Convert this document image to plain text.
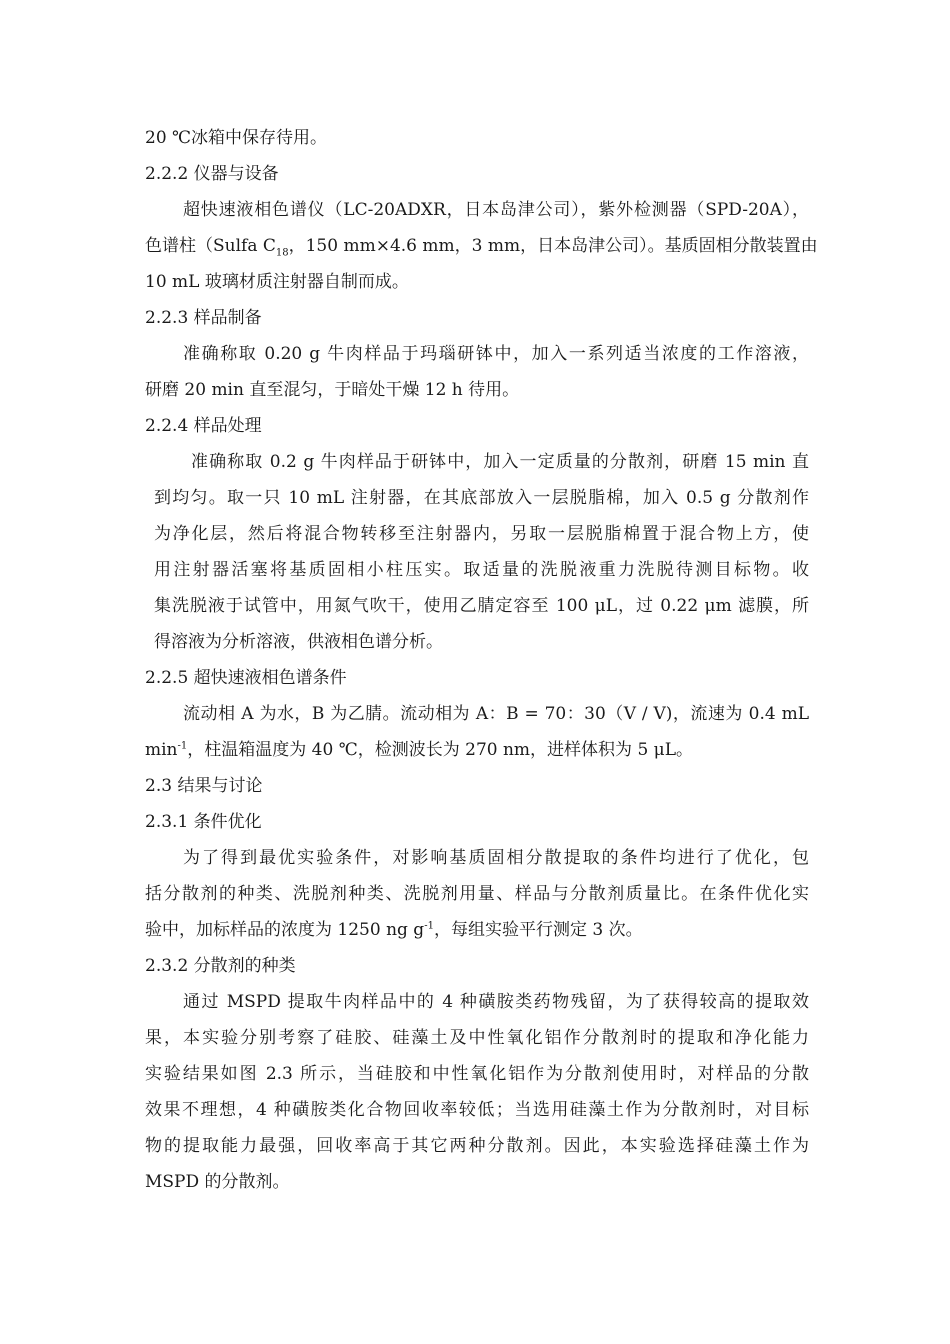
20 ℃冰箱中保存待用。
2.2.2 仪器与设备
超快速液相色谱仪（LC-20ADXR，日本岛津公司），紫外检测器（SPD-20A），
色谱柱（Sulfa $C_{18}$，150 mm×4.6 mm，3 mm，日本岛津公司）。基质固相分散装置由
10 mL 玻璃材质注射器自制而成。
2.2.3 样品制备
准确称取 0.20 g 牛肉样品于玛瑙研钵中，加入一系列适当浓度的工作溶液，
研磨 20 min 直至混匀，于暗处干燥 12 h 待用。
2.2.4 样品处理
准确称取 0.2 g 牛肉样品于研钵中，加入一定质量的分散剂，研磨 15 min 直
到均匀。取一只 10 mL 注射器，在其底部放入一层脱脂棉，加入 0.5 g 分散剂作
为净化层，然后将混合物转移至注射器内，另取一层脱脂棉置于混合物上方，使
用注射器活塞将基质固相小柱压实。取适量的洗脱液重力洗脱待测目标物。收
集洗脱液于试管中，用氮气吹干，使用乙腈定容至 100 μL，过 0.22 μm 滤膜，所
得溶液为分析溶液，供液相色谱分析。
2.2.5 超快速液相色谱条件
流动相 A 为水，B 为乙腈。流动相为 A：B = 70：30（V / V)，流速为 0.4 mL
$\min^{-1}$，柱温箱温度为 40 ℃，检测波长为 270 nm，进样体积为 5 μL。
2.3 结果与讨论
2.3.1 条件优化
为了得到最优实验条件，对影响基质固相分散提取的条件均进行了优化，包
括分散剂的种类、洗脱剂种类、洗脱剂用量、样品与分散剂质量比。在条件优化实
验中，加标样品的浓度为 1250 ng $g^{-1}$，每组实验平行测定 3 次。
2.3.2 分散剂的种类
通过 MSPD 提取牛肉样品中的 4 种磺胺类药物残留，为了获得较高的提取效
果，本实验分别考察了硅胶、硅藻土及中性氧化铝作分散剂时的提取和净化能力
实验结果如图 2.3 所示，当硅胶和中性氧化铝作为分散剂使用时，对样品的分散
效果不理想，4 种磺胺类化合物回收率较低；当选用硅藻土作为分散剂时，对目标
物的提取能力最强，回收率高于其它两种分散剂。因此，本实验选择硅藻土作为
MSPD 的分散剂。
